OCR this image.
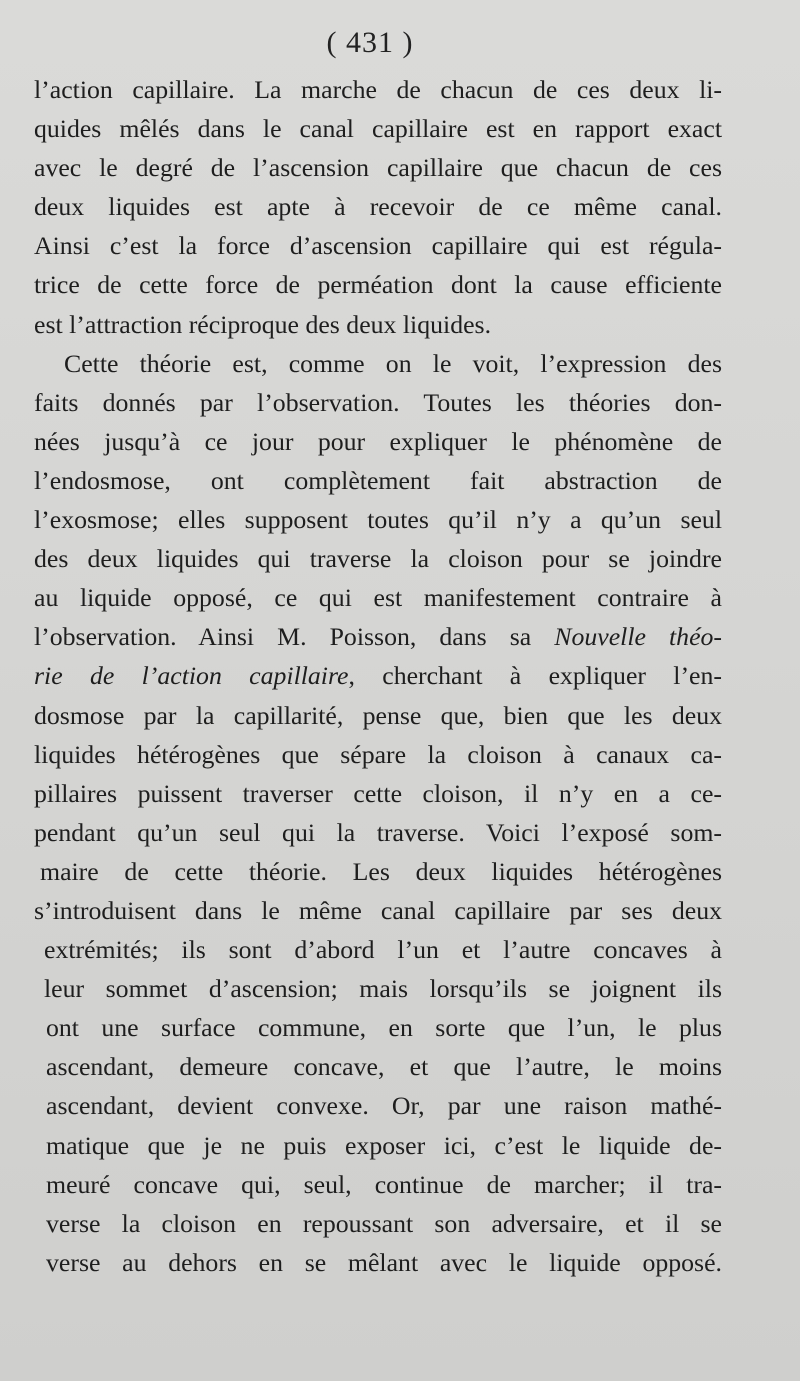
( 431 )
l’action capillaire. La marche de chacun de ces deux li-
quides mêlés dans le canal capillaire est en rapport exact
avec le degré de l’ascension capillaire que chacun de ces
deux liquides est apte à recevoir de ce même canal.
Ainsi c’est la force d’ascension capillaire qui est régula-
trice de cette force de perméation dont la cause efficiente
est l’attraction réciproque des deux liquides.
Cette théorie est, comme on le voit, l’expression des
faits donnés par l’observation. Toutes les théories don-
nées jusqu’à ce jour pour expliquer le phénomène de
l’endosmose, ont complètement fait abstraction de
l’exosmose; elles supposent toutes qu’il n’y a qu’un seul
des deux liquides qui traverse la cloison pour se joindre
au liquide opposé, ce qui est manifestement contraire à
l’observation. Ainsi M. Poisson, dans sa Nouvelle théo-
rie de l’action capillaire, cherchant à expliquer l’en-
dosmose par la capillarité, pense que, bien que les deux
liquides hétérogènes que sépare la cloison à canaux ca-
pillaires puissent traverser cette cloison, il n’y en a ce-
pendant qu’un seul qui la traverse. Voici l’exposé som-
maire de cette théorie. Les deux liquides hétérogènes
s’introduisent dans le même canal capillaire par ses deux
extrémités; ils sont d’abord l’un et l’autre concaves à
leur sommet d’ascension; mais lorsqu’ils se joignent ils
ont une surface commune, en sorte que l’un, le plus
ascendant, demeure concave, et que l’autre, le moins
ascendant, devient convexe. Or, par une raison mathé-
matique que je ne puis exposer ici, c’est le liquide de-
meuré concave qui, seul, continue de marcher; il tra-
verse la cloison en repoussant son adversaire, et il se
verse au dehors en se mêlant avec le liquide opposé.
